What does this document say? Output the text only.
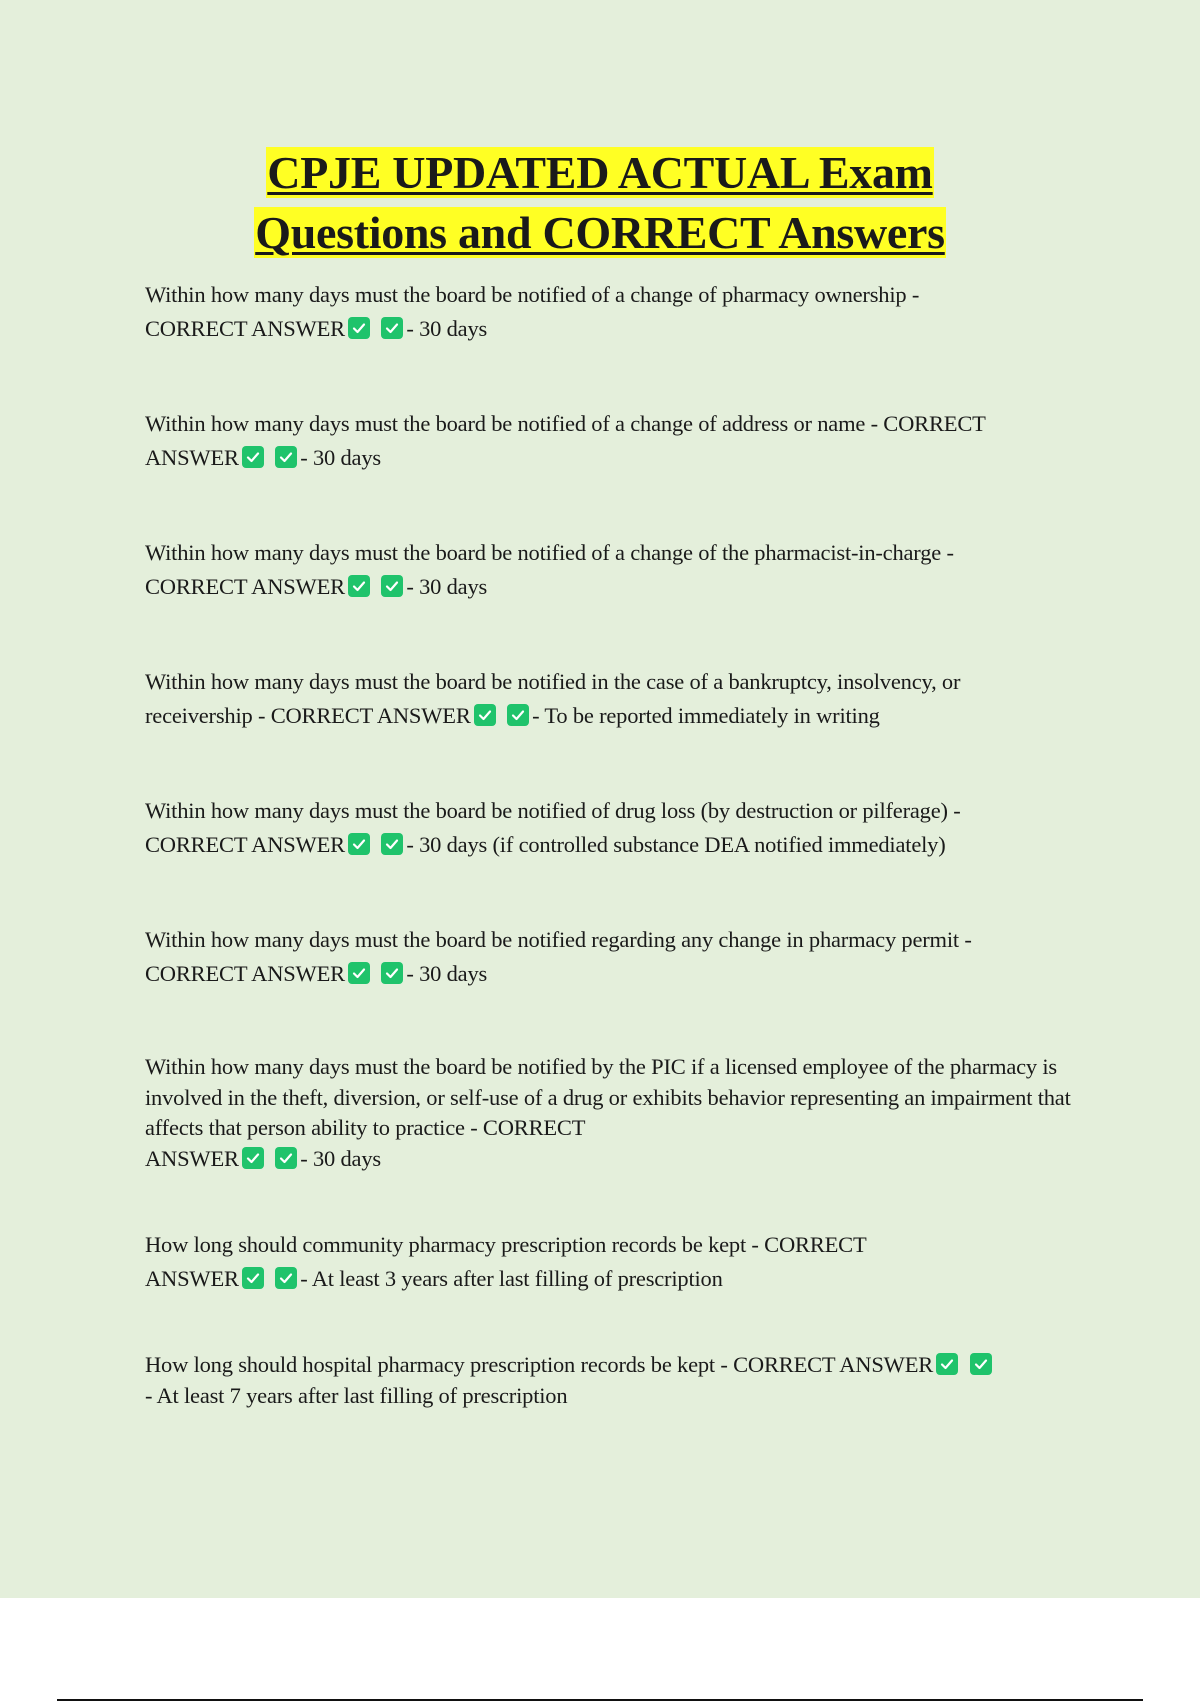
CPJE UPDATED ACTUAL Exam
Questions and CORRECT Answers
Within how many days must the board be notified of a change of pharmacy ownership -
CORRECT ANSWER
	- 30 days
Within how many days must the board be notified of a change of address or name - CORRECT
ANSWER
	- 30 days
Within how many days must the board be notified of a change of the pharmacist-in-charge -
CORRECT ANSWER
	- 30 days
Within how many days must the board be notified in the case of a bankruptcy, insolvency, or
receivership - CORRECT ANSWER
	- To be reported immediately in writing
Within how many days must the board be notified of drug loss (by destruction or pilferage) -
CORRECT ANSWER
	- 30 days (if controlled substance DEA notified immediately)
Within how many days must the board be notified regarding any change in pharmacy permit -
CORRECT ANSWER
	- 30 days
Within how many days must the board be notified by the PIC if a licensed employee of the pharmacy is involved in the theft, diversion, or self-use of a drug or exhibits behavior representing an impairment that affects that person ability to practice - CORRECT
ANSWER
	- 30 days
How long should community pharmacy prescription records be kept - CORRECT
ANSWER
	- At least 3 years after last filling of prescription
How long should hospital pharmacy prescription records be kept - CORRECT ANSWER

- At least 7 years after last filling of prescription
